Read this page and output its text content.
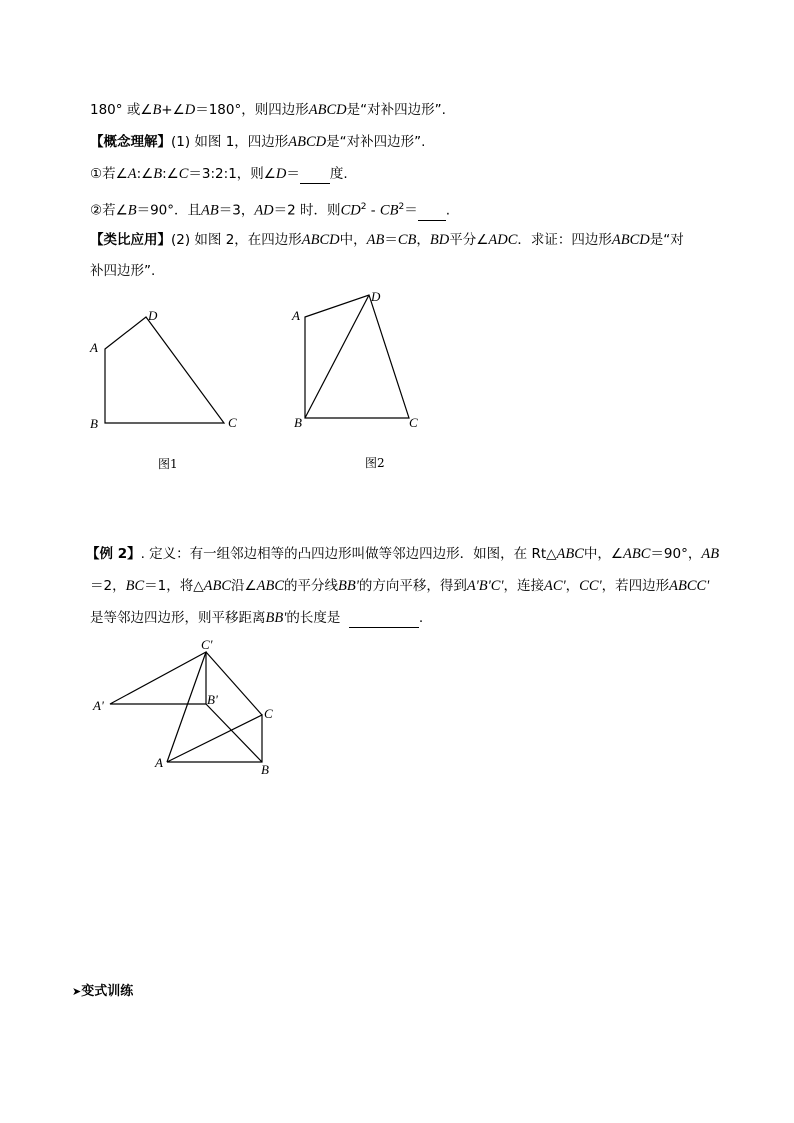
180° 或∠B+∠D＝180°，则四边形ABCD是“对补四边形”.
【概念理解】(1) 如图 1，四边形ABCD是“对补四边形”.
①若∠A:∠B:∠C＝3:2:1，则∠D＝ 度.
②若∠B＝90°．且AB＝3，AD＝2 时．则$CD^2 - CB^2=$ .
【类比应用】(2) 如图 2，在四边形ABCD中，AB＝CB，BD平分∠ADC．求证：四边形ABCD是“对
补四边形”.
A
D
B	C
图1
A
D
B	C
图2
【例 2】. 定义：有一组邻边相等的凸四边形叫做等邻边四边形．如图，在 Rt△ABC中，∠ABC＝90°，AB
＝2，BC＝1，将△ABC沿∠ABC的平分线BB'的方向平移，得到A'B'C'，连接AC'，CC'，若四边形ABCC'
是等邻边四边形，则平移距离BB'的长度是	.
C'
A'	B'
C
A	B
➤变式训练
